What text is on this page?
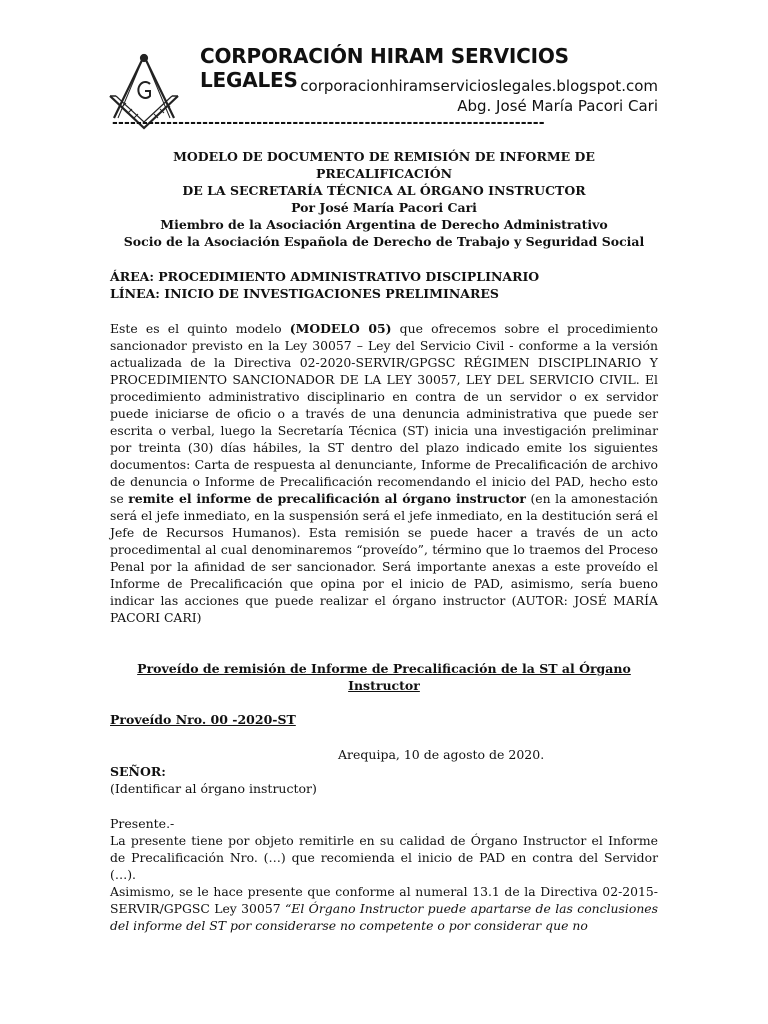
CORPORACIÓN HIRAM SERVICIOS LEGALES corporacionhiramservicioslegales.blogspot.com
Abg. José María Pacori Cari
------------------------------------------------------------------------

MODELO DE DOCUMENTO DE REMISIÓN DE INFORME DE PRECALIFICACIÓN

DE LA SECRETARÍA TÉCNICA AL ÓRGANO INSTRUCTOR

Por José María Pacori Cari

Miembro de la Asociación Argentina de Derecho Administrativo

Socio de la Asociación Española de Derecho de Trabajo y Seguridad Social

ÁREA: PROCEDIMIENTO ADMINISTRATIVO DISCIPLINARIO

LÍNEA: INICIO DE INVESTIGACIONES PRELIMINARES

Este es el quinto modelo (MODELO 05) que ofrecemos sobre el procedimiento sancionador previsto en la Ley 30057 – Ley del Servicio Civil - conforme a la versión actualizada de la Directiva 02-2020-SERVIR/GPGSC RÉGIMEN DISCIPLINARIO Y PROCEDIMIENTO SANCIONADOR DE LA LEY 30057, LEY DEL SERVICIO CIVIL. El procedimiento administrativo disciplinario en contra de un servidor o ex servidor puede iniciarse de oficio o a través de una denuncia administrativa que puede ser escrita o verbal, luego la Secretaría Técnica (ST) inicia una investigación preliminar por treinta (30) días hábiles, la ST dentro del plazo indicado emite los siguientes documentos: Carta de respuesta al denunciante, Informe de Precalificación de archivo de denuncia o Informe de Precalificación recomendando el inicio del PAD, hecho esto se remite el informe de precalificación al órgano instructor (en la amonestación será el jefe inmediato, en la suspensión será el jefe inmediato, en la destitución será el Jefe de Recursos Humanos). Esta remisión se puede hacer a través de un acto procedimental al cual denominaremos “proveído”, término que lo traemos del Proceso Penal por la afinidad de ser sancionador. Será importante anexas a este proveído el Informe de Precalificación que opina por el inicio de PAD, asimismo, sería bueno indicar las acciones que puede realizar el órgano instructor (AUTOR: JOSÉ MARÍA PACORI CARI)

Proveído de remisión de Informe de Precalificación de la ST al Órgano

Instructor

Proveído Nro. 00 -2020-ST

Arequipa, 10 de agosto de 2020.

SEÑOR:

(Identificar al órgano instructor)

Presente.-

La presente tiene por objeto remitirle en su calidad de Órgano Instructor el Informe de Precalificación Nro. (…) que recomienda el inicio de PAD en contra del Servidor (…).

Asimismo, se le hace presente que conforme al numeral 13.1 de la Directiva 02-2015-SERVIR/GPGSC Ley 30057 “El Órgano Instructor puede apartarse de las conclusiones del informe del ST por considerarse no competente o por considerar que no
